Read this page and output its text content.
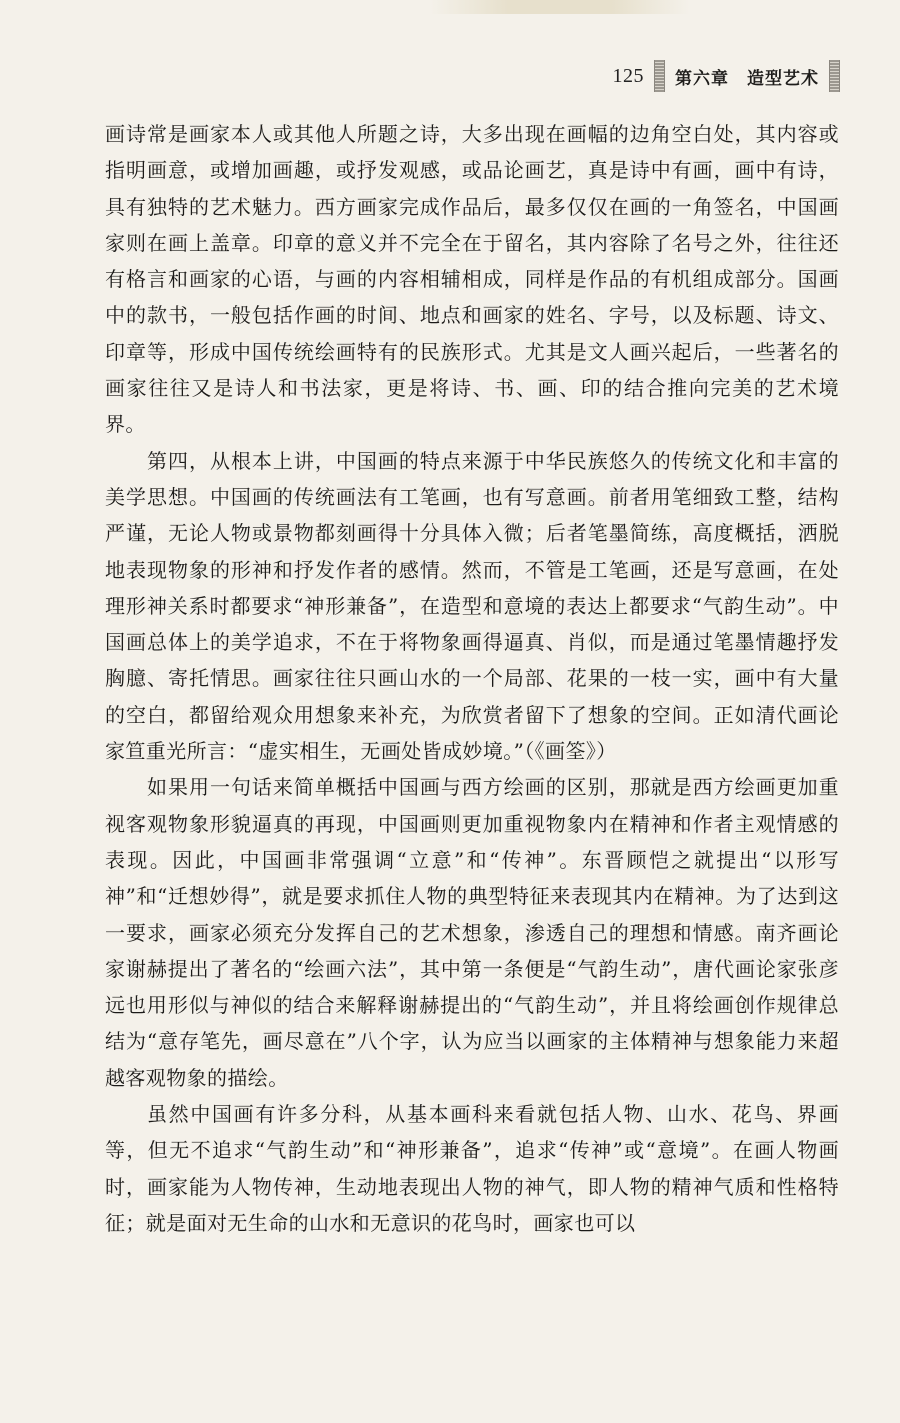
125 第六章　造型艺术

画诗常是画家本人或其他人所题之诗，大多出现在画幅的边角空白处，其内容或指明画意，或增加画趣，或抒发观感，或品论画艺，真是诗中有画，画中有诗，具有独特的艺术魅力。西方画家完成作品后，最多仅仅在画的一角签名，中国画家则在画上盖章。印章的意义并不完全在于留名，其内容除了名号之外，往往还有格言和画家的心语，与画的内容相辅相成，同样是作品的有机组成部分。国画中的款书，一般包括作画的时间、地点和画家的姓名、字号，以及标题、诗文、印章等，形成中国传统绘画特有的民族形式。尤其是文人画兴起后，一些著名的画家往往又是诗人和书法家，更是将诗、书、画、印的结合推向完美的艺术境界。

第四，从根本上讲，中国画的特点来源于中华民族悠久的传统文化和丰富的美学思想。中国画的传统画法有工笔画，也有写意画。前者用笔细致工整，结构严谨，无论人物或景物都刻画得十分具体入微；后者笔墨简练，高度概括，洒脱地表现物象的形神和抒发作者的感情。然而，不管是工笔画，还是写意画，在处理形神关系时都要求“神形兼备”，在造型和意境的表达上都要求“气韵生动”。中国画总体上的美学追求，不在于将物象画得逼真、肖似，而是通过笔墨情趣抒发胸臆、寄托情思。画家往往只画山水的一个局部、花果的一枝一实，画中有大量的空白，都留给观众用想象来补充，为欣赏者留下了想象的空间。正如清代画论家笪重光所言：“虚实相生，无画处皆成妙境。”（《画筌》）

如果用一句话来简单概括中国画与西方绘画的区别，那就是西方绘画更加重视客观物象形貌逼真的再现，中国画则更加重视物象内在精神和作者主观情感的表现。因此，中国画非常强调“立意”和“传神”。东晋顾恺之就提出“以形写神”和“迁想妙得”，就是要求抓住人物的典型特征来表现其内在精神。为了达到这一要求，画家必须充分发挥自己的艺术想象，渗透自己的理想和情感。南齐画论家谢赫提出了著名的“绘画六法”，其中第一条便是“气韵生动”，唐代画论家张彦远也用形似与神似的结合来解释谢赫提出的“气韵生动”，并且将绘画创作规律总结为“意存笔先，画尽意在”八个字，认为应当以画家的主体精神与想象能力来超越客观物象的描绘。

虽然中国画有许多分科，从基本画科来看就包括人物、山水、花鸟、界画等，但无不追求“气韵生动”和“神形兼备”，追求“传神”或“意境”。在画人物画时，画家能为人物传神，生动地表现出人物的神气，即人物的精神气质和性格特征；就是面对无生命的山水和无意识的花鸟时，画家也可以
